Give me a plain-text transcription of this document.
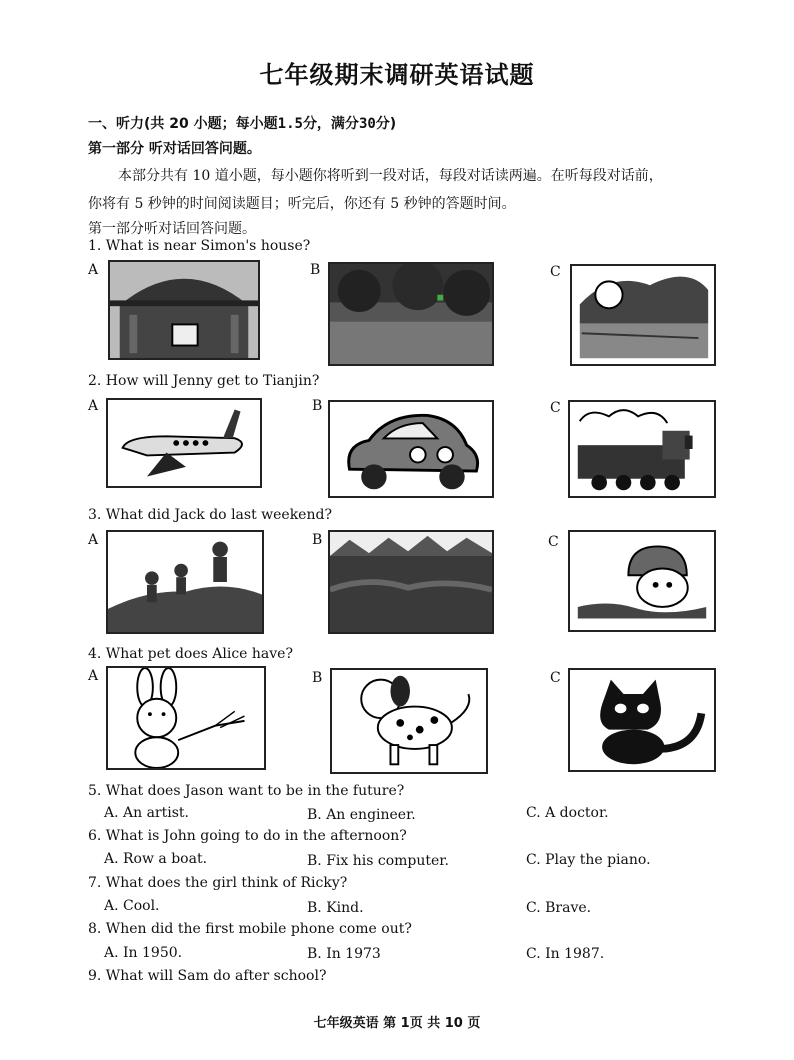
七年级期末调研英语试题
一、听力(共 20 小题；每小题1.5分，满分30分)
第一部分 听对话回答问题。
本部分共有 10 道小题，每小题你将听到一段对话，每段对话读两遍。在听每段对话前，
你将有 5 秒钟的时间阅读题目；听完后，你还有 5 秒钟的答题时间。
第一部分听对话回答问题。
1. What is near Simon's house?
A	B	C
2. How will Jenny get to Tianjin?
A	B	C
3. What did Jack do last weekend?
A	B	C
4. What pet does Alice have?
A	B	C
5. What does Jason want to be in the future?
A. An artist.	B. An engineer.	C. A doctor.
6. What is John going to do in the afternoon?
A. Row a boat.	B. Fix his computer.	C. Play the piano.
7. What does the girl think of Ricky?
A. Cool.	B. Kind.	C. Brave.
8. When did the first mobile phone come out?
A. In 1950.	B. In 1973	C. In 1987.
9. What will Sam do after school?
七年级英语 第 1页 共 10 页
